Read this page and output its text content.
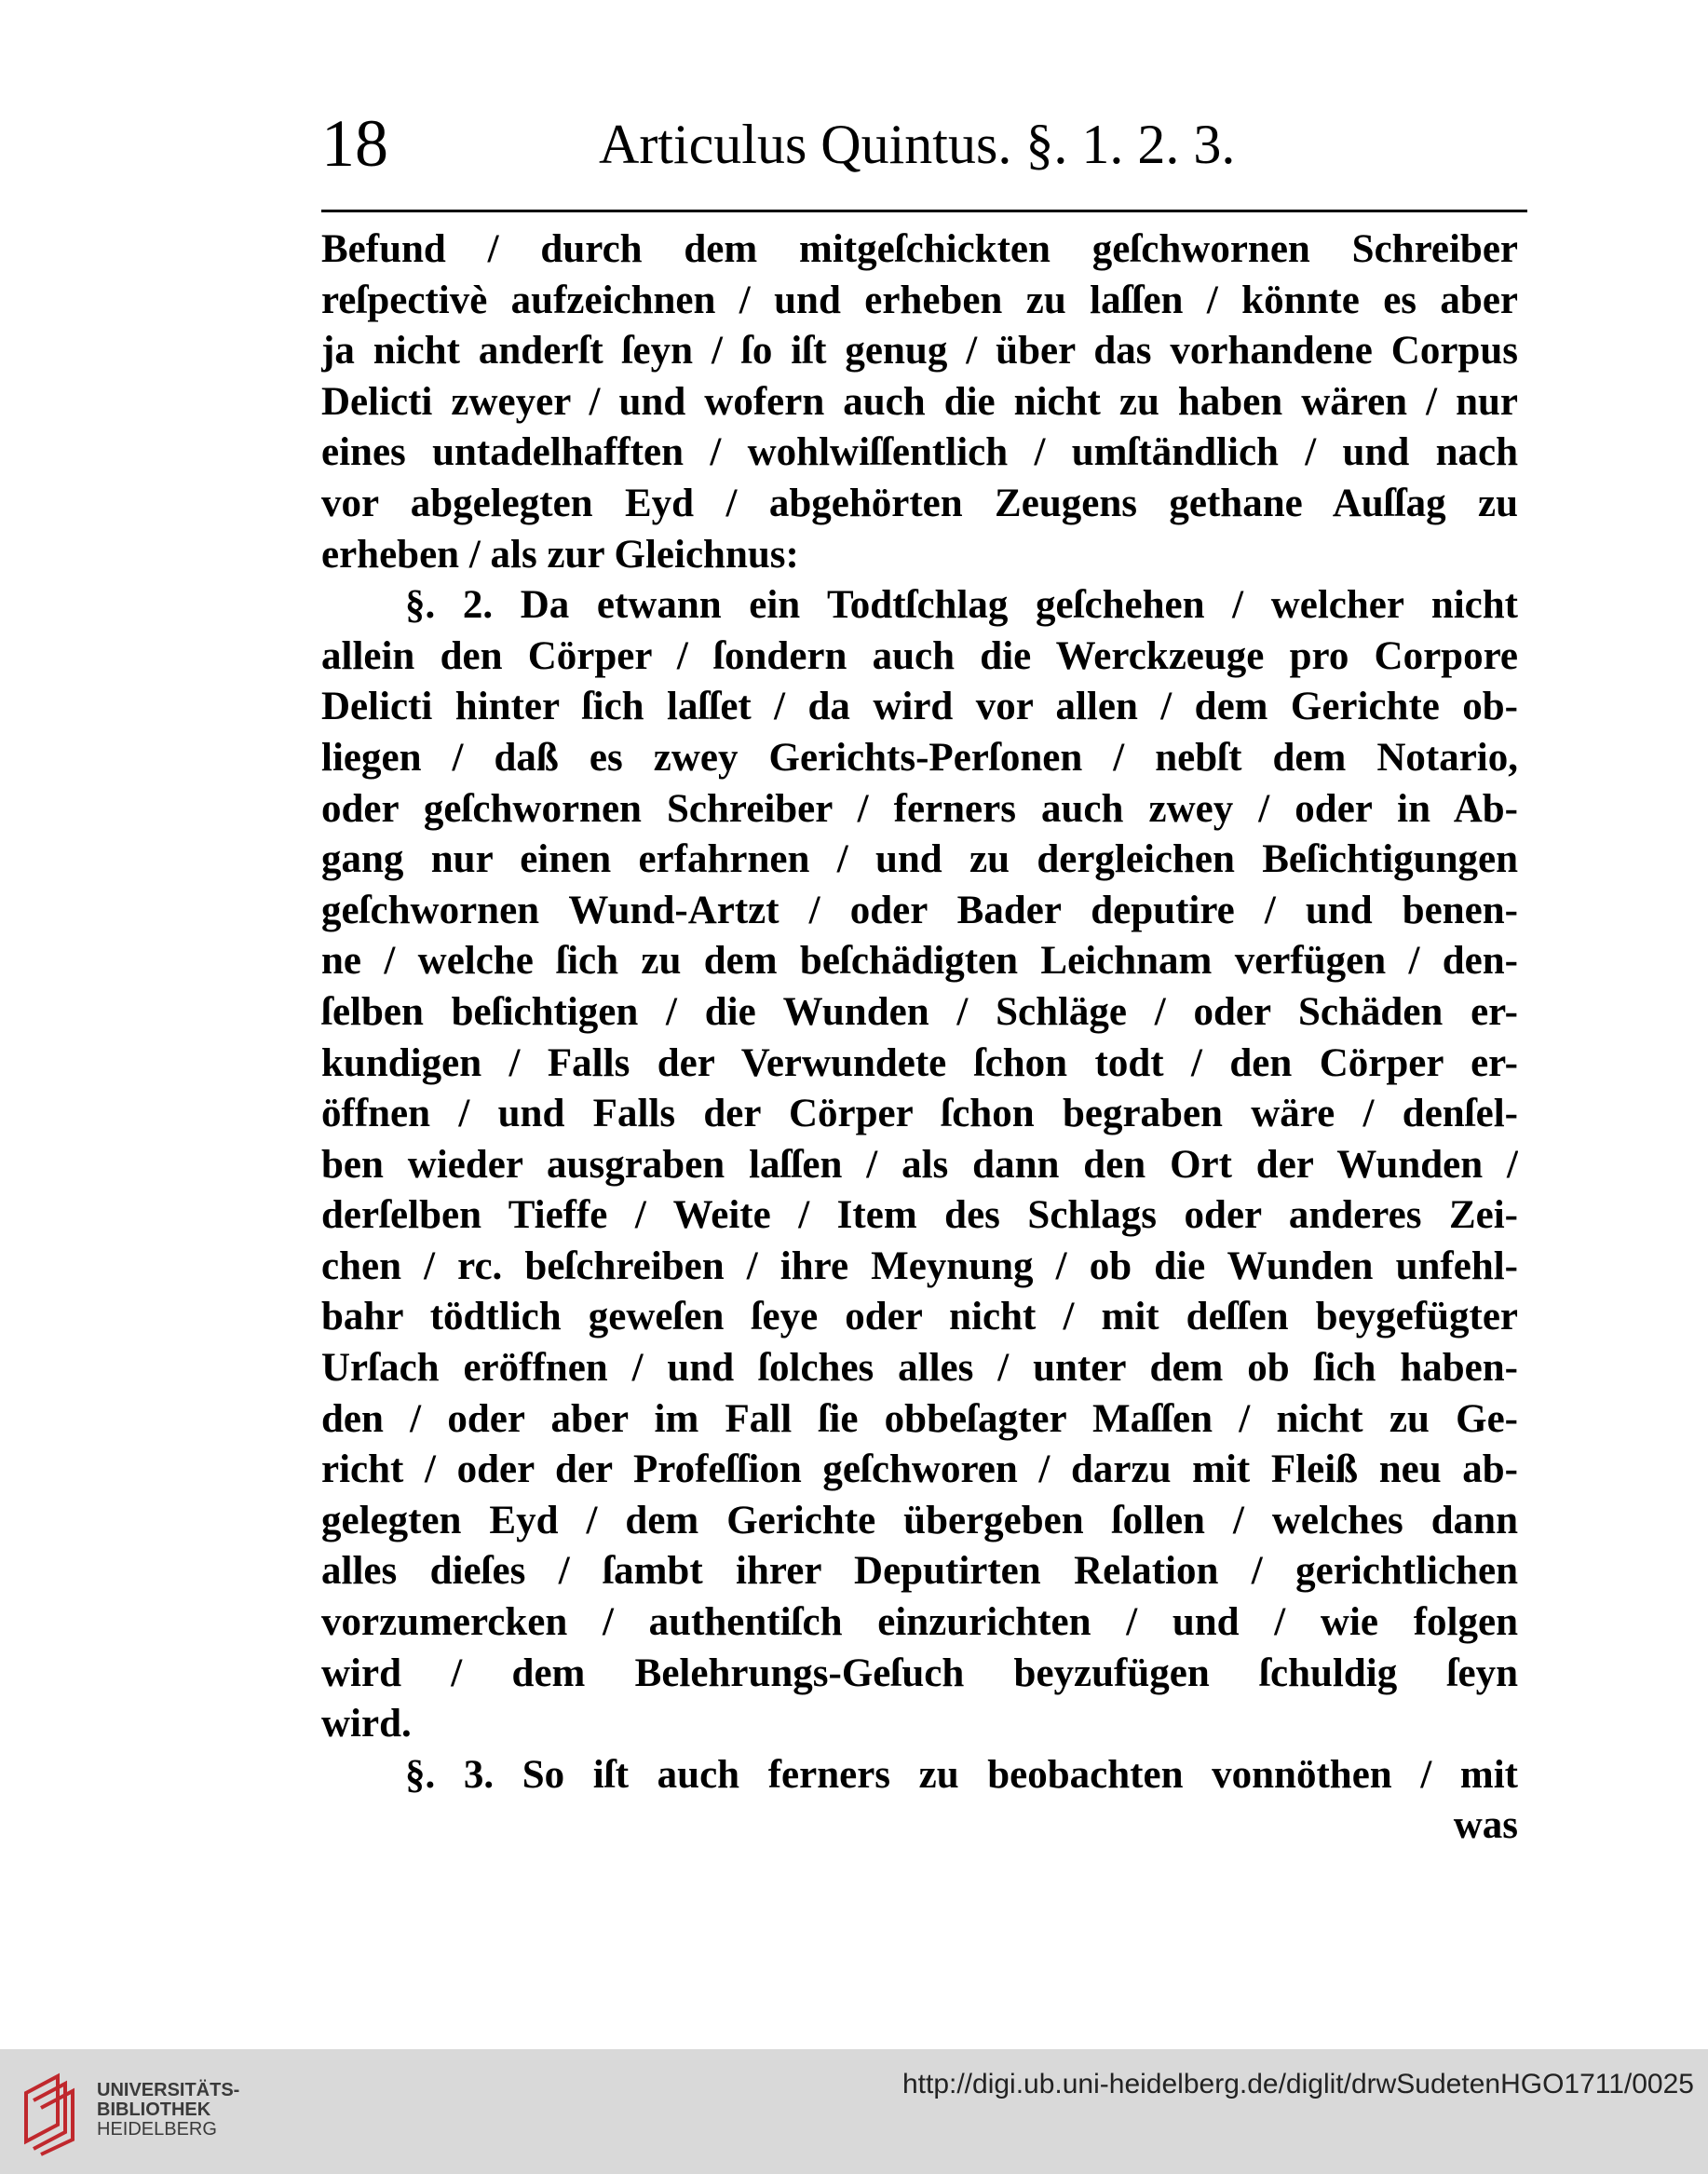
18	Articulus Quintus. §. 1. 2. 3.
Befund / durch dem mitgeſchickten geſchwornen Schreiber
reſpectivè aufzeichnen / und erheben zu laſſen / könnte es aber
ja nicht anderſt ſeyn / ſo iſt genug / über das vorhandene Corpus
Delicti zweyer / und wofern auch die nicht zu haben wären / nur
eines untadelhafften / wohlwiſſentlich / umſtändlich / und nach
vor abgelegten Eyd / abgehörten Zeugens gethane Auſſag zu
erheben / als zur Gleichnus:
§. 2. Da etwann ein Todtſchlag geſchehen / welcher nicht
allein den Cörper / ſondern auch die Werckzeuge pro Corpore
Delicti hinter ſich laſſet / da wird vor allen / dem Gerichte ob-
liegen / daß es zwey Gerichts-Perſonen / nebſt dem Notario,
oder geſchwornen Schreiber / ferners auch zwey / oder in Ab-
gang nur einen erfahrnen / und zu dergleichen Beſichtigungen
geſchwornen Wund-Artzt / oder Bader deputire / und benen-
ne / welche ſich zu dem beſchädigten Leichnam verfügen / den-
ſelben beſichtigen / die Wunden / Schläge / oder Schäden er-
kundigen / Falls der Verwundete ſchon todt / den Cörper er-
öffnen / und Falls der Cörper ſchon begraben wäre / denſel-
ben wieder ausgraben laſſen / als dann den Ort der Wunden /
derſelben Tieffe / Weite / Item des Schlags oder anderes Zei-
chen / rc. beſchreiben / ihre Meynung / ob die Wunden unfehl-
bahr tödtlich geweſen ſeye oder nicht / mit deſſen beygefügter
Urſach eröffnen / und ſolches alles / unter dem ob ſich haben-
den / oder aber im Fall ſie obbeſagter Maſſen / nicht zu Ge-
richt / oder der Profeſſion geſchworen / darzu mit Fleiß neu ab-
gelegten Eyd / dem Gerichte übergeben ſollen / welches dann
alles dieſes / ſambt ihrer Deputirten Relation / gerichtlichen
vorzumercken / authentiſch einzurichten / und / wie folgen
wird / dem Belehrungs-Geſuch beyzufügen ſchuldig ſeyn
wird.
§. 3. So iſt auch ferners zu beobachten vonnöthen / mit
was
UNIVERSITÄTS-
BIBLIOTHEK
HEIDELBERG
http://digi.ub.uni-heidelberg.de/diglit/drwSudetenHGO1711/0025
